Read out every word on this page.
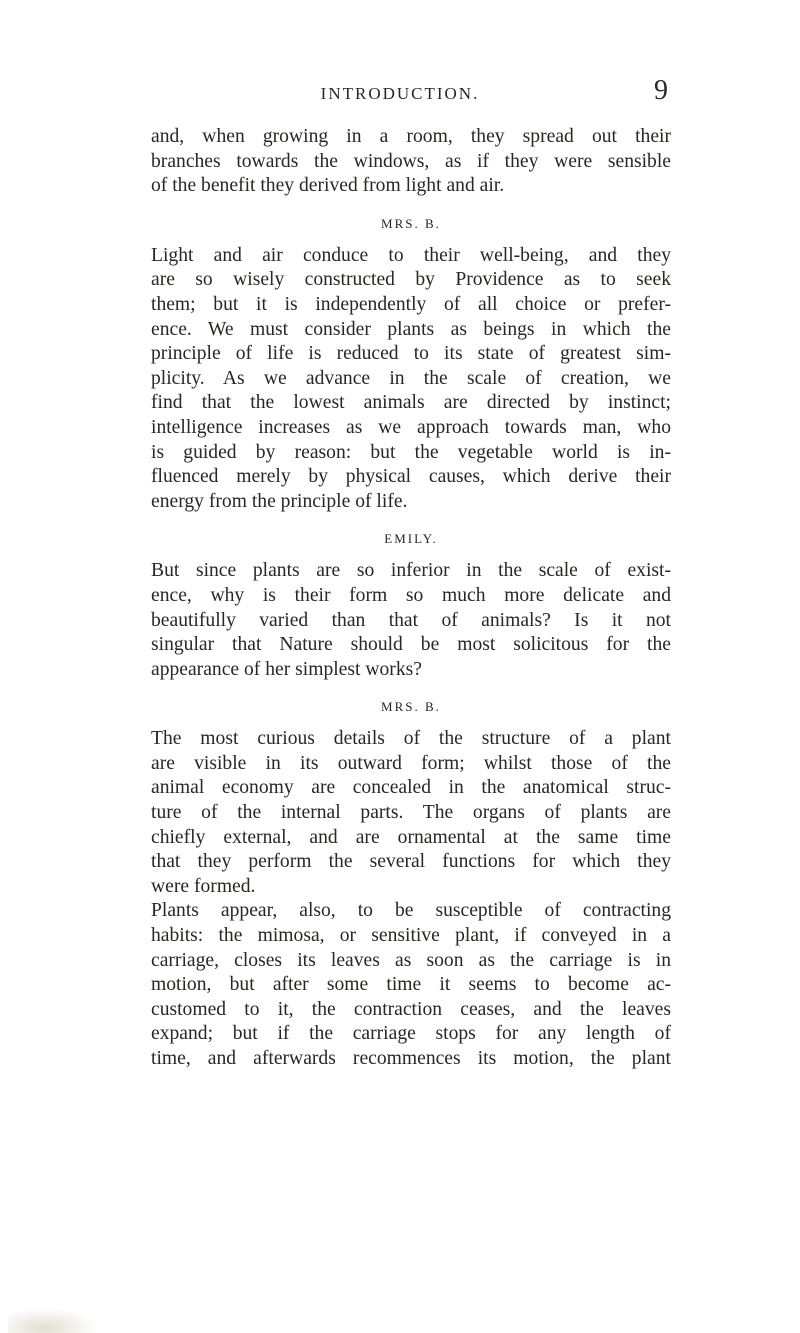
INTRODUCTION.	9
and, when growing in a room, they spread out their
branches towards the windows, as if they were sensible
of the benefit they derived from light and air.
MRS. B.
Light and air conduce to their well-being, and they
are so wisely constructed by Providence as to seek
them; but it is independently of all choice or prefer-
ence. We must consider plants as beings in which the
principle of life is reduced to its state of greatest sim-
plicity. As we advance in the scale of creation, we
find that the lowest animals are directed by instinct;
intelligence increases as we approach towards man, who
is guided by reason: but the vegetable world is in-
fluenced merely by physical causes, which derive their
energy from the principle of life.
EMILY.
But since plants are so inferior in the scale of exist-
ence, why is their form so much more delicate and
beautifully varied than that of animals? Is it not
singular that Nature should be most solicitous for the
appearance of her simplest works?
MRS. B.
The most curious details of the structure of a plant
are visible in its outward form; whilst those of the
animal economy are concealed in the anatomical struc-
ture of the internal parts. The organs of plants are
chiefly external, and are ornamental at the same time
that they perform the several functions for which they
were formed.
Plants appear, also, to be susceptible of contracting
habits: the mimosa, or sensitive plant, if conveyed in a
carriage, closes its leaves as soon as the carriage is in
motion, but after some time it seems to become ac-
customed to it, the contraction ceases, and the leaves
expand; but if the carriage stops for any length of
time, and afterwards recommences its motion, the plant
